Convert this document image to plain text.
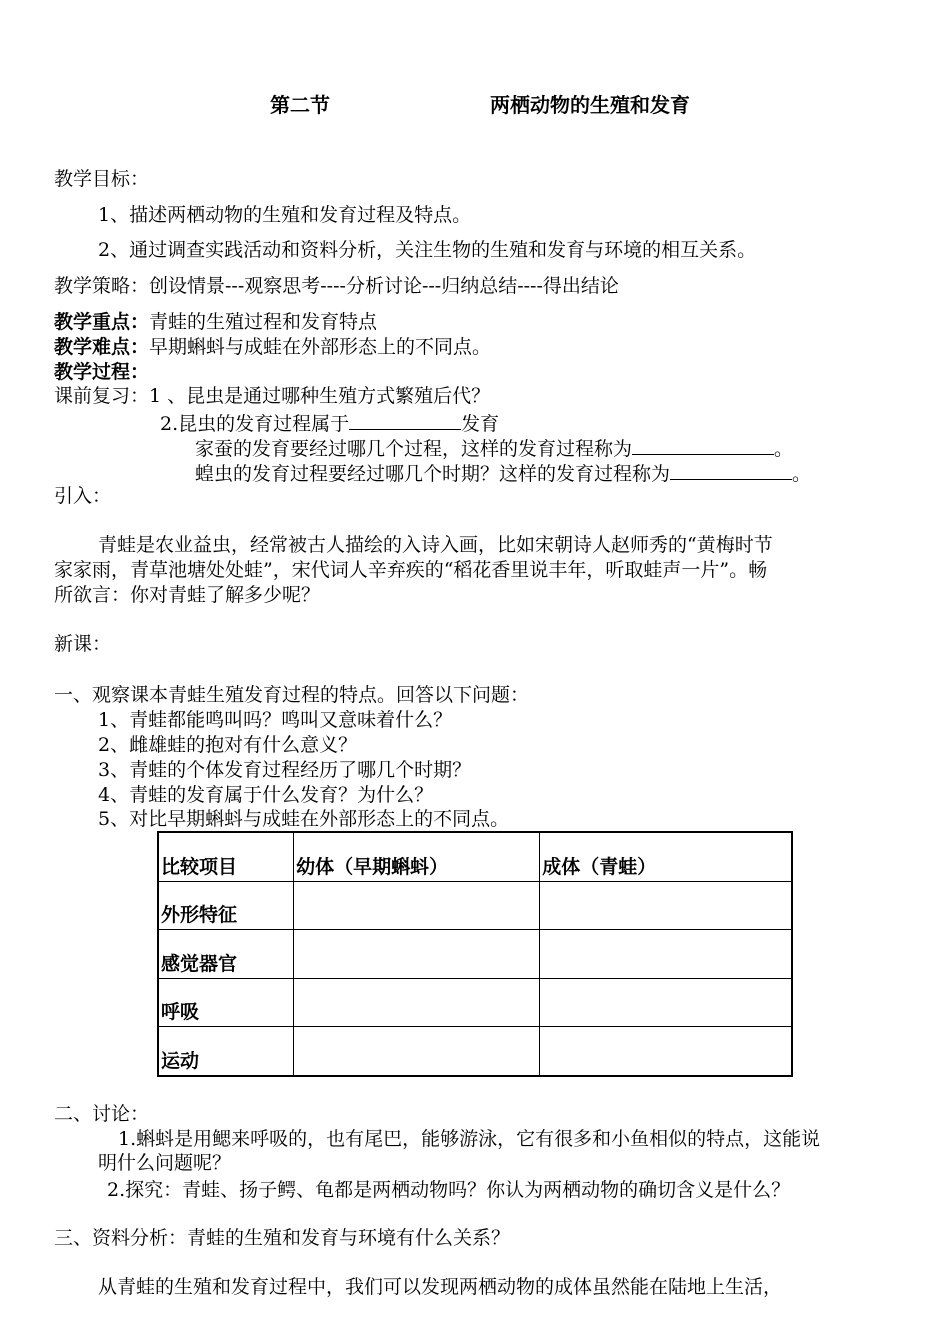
第二节	两栖动物的生殖和发育
教学目标：
1、描述两栖动物的生殖和发育过程及特点。
2、通过调查实践活动和资料分析，关注生物的生殖和发育与环境的相互关系。
教学策略：创设情景---观察思考----分析讨论---归纳总结----得出结论
教学重点：青蛙的生殖过程和发育特点
教学难点：早期蝌蚪与成蛙在外部形态上的不同点。
教学过程：
课前复习：1 、昆虫是通过哪种生殖方式繁殖后代？
2.昆虫的发育过程属于	发育
家蚕的发育要经过哪几个过程，这样的发育过程称为	。
蝗虫的发育过程要经过哪几个时期？这样的发育过程称为	。
引入：
青蛙是农业益虫，经常被古人描绘的入诗入画，比如宋朝诗人赵师秀的“黄梅时节
家家雨，青草池塘处处蛙”，宋代词人辛弃疾的“稻花香里说丰年，听取蛙声一片”。畅
所欲言：你对青蛙了解多少呢？
新课：
一、观察课本青蛙生殖发育过程的特点。回答以下问题：
1、青蛙都能鸣叫吗？鸣叫又意味着什么？
2、雌雄蛙的抱对有什么意义？
3、青蛙的个体发育过程经历了哪几个时期？
4、青蛙的发育属于什么发育？为什么？
5、对比早期蝌蚪与成蛙在外部形态上的不同点。
比较项目	幼体（早期蝌蚪）	成体（青蛙）
外形特征		
感觉器官		
呼吸		
运动		
二、讨论：
1.蝌蚪是用鳃来呼吸的，也有尾巴，能够游泳，它有很多和小鱼相似的特点，这能说
明什么问题呢？
2.探究：青蛙、扬子鳄、龟都是两栖动物吗？你认为两栖动物的确切含义是什么？
三、资料分析：青蛙的生殖和发育与环境有什么关系？
从青蛙的生殖和发育过程中，我们可以发现两栖动物的成体虽然能在陆地上生活，
